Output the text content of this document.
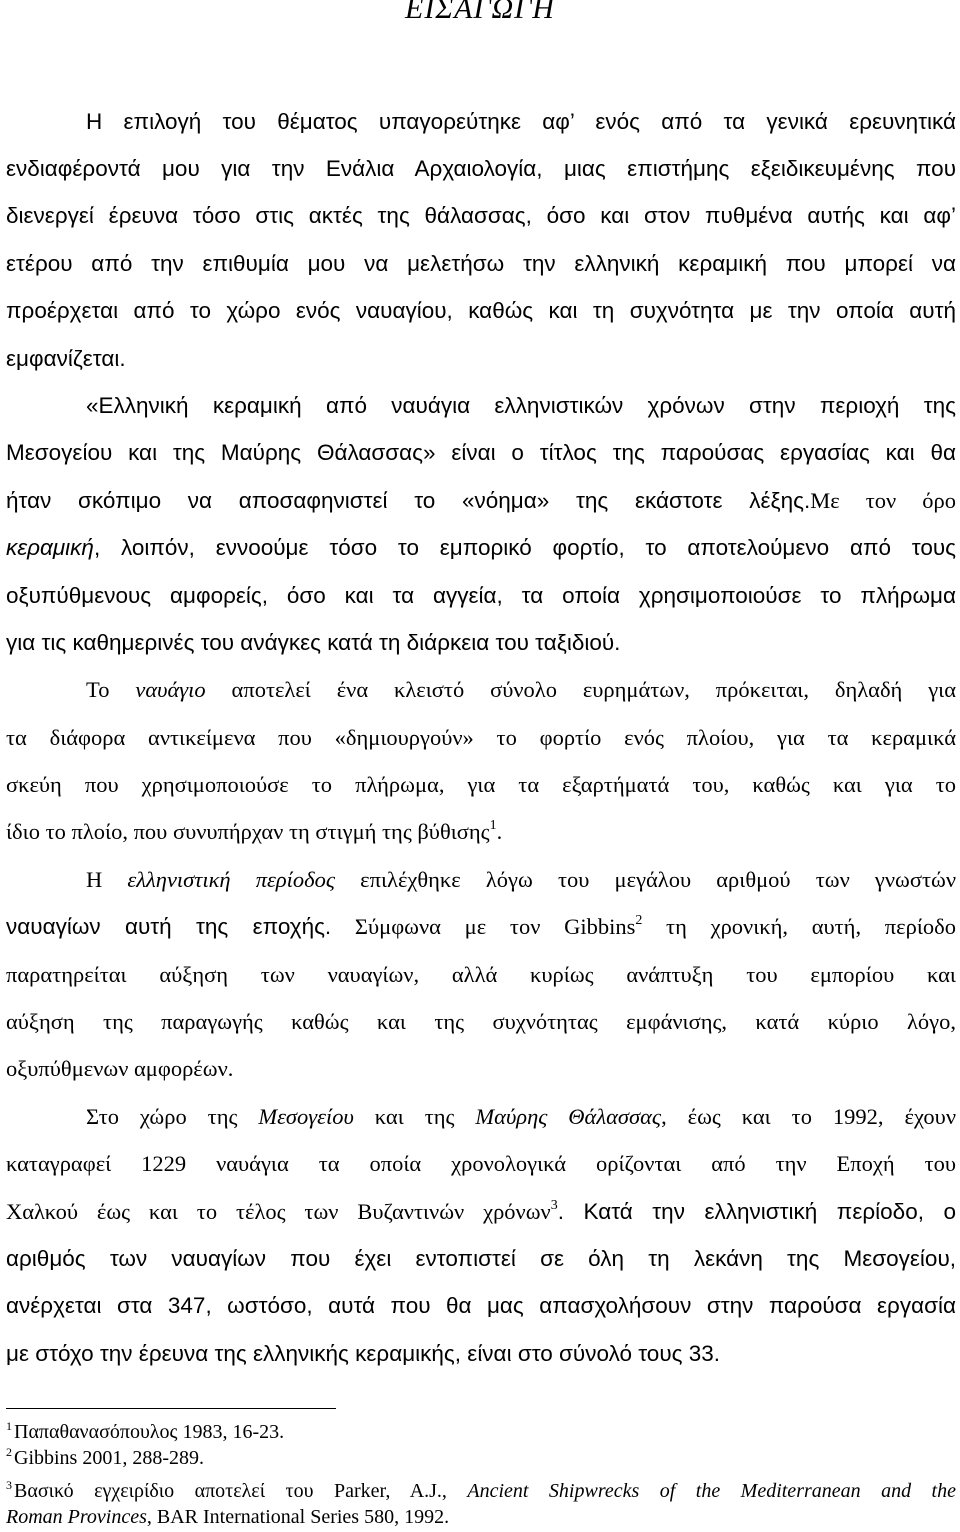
ΕΙΣΑΓΩΓΗ
Η επιλογή του θέματος υπαγορεύτηκε αφ’ ενός από τα γενικά ερευνητικά
ενδιαφέροντά μου για την Ενάλια Αρχαιολογία, μιας επιστήμης εξειδικευμένης που
διενεργεί έρευνα τόσο στις ακτές της θάλασσας, όσο και στον πυθμένα αυτής και αφ’
ετέρου από την επιθυμία μου να μελετήσω την ελληνική κεραμική που μπορεί να
προέρχεται από το χώρο ενός ναυαγίου, καθώς και τη συχνότητα με την οποία αυτή
εμφανίζεται.
«Ελληνική κεραμική από ναυάγια ελληνιστικών χρόνων στην περιοχή της
Μεσογείου και της Μαύρης Θάλασσας» είναι ο τίτλος της παρούσας εργασίας και θα
ήταν σκόπιμο να αποσαφηνιστεί το «νόημα» της εκάστοτε λέξης.Με τον όρο
κεραμική, λοιπόν, εννοούμε τόσο το εμπορικό φορτίο, το αποτελούμενο από τους
οξυπύθμενους αμφορείς, όσο και τα αγγεία, τα οποία χρησιμοποιούσε το πλήρωμα
για τις καθημερινές του ανάγκες κατά τη διάρκεια του ταξιδιού.
Το ναυάγιο αποτελεί ένα κλειστό σύνολο ευρημάτων, πρόκειται, δηλαδή για
τα διάφορα αντικείμενα που «δημιουργούν» το φορτίο ενός πλοίου, για τα κεραμικά
σκεύη που χρησιμοποιούσε το πλήρωμα, για τα εξαρτήματά του, καθώς και για το
ίδιο το πλοίο, που συνυπήρχαν τη στιγμή της βύθισης$^1$.
Η ελληνιστική περίοδος επιλέχθηκε λόγω του μεγάλου αριθμού των γνωστών
ναυαγίων αυτή της εποχής. Σύμφωνα με τον Gibbins$^2$ τη χρονική, αυτή, περίοδο
παρατηρείται αύξηση των ναυαγίων, αλλά κυρίως ανάπτυξη του εμπορίου και
αύξηση της παραγωγής καθώς και της συχνότητας εμφάνισης, κατά κύριο λόγο,
οξυπύθμενων αμφορέων.
Στο χώρο της Μεσογείου και της Μαύρης Θάλασσας, έως και το 1992, έχουν
καταγραφεί 1229 ναυάγια τα οποία χρονολογικά ορίζονται από την Εποχή του
Χαλκού έως και το τέλος των Βυζαντινών χρόνων$^3$. Κατά την ελληνιστική περίοδο, ο
αριθμός των ναυαγίων που έχει εντοπιστεί σε όλη τη λεκάνη της Μεσογείου,
ανέρχεται στα 347, ωστόσο, αυτά που θα μας απασχολήσουν στην παρούσα εργασία
με στόχο την έρευνα της ελληνικής κεραμικής, είναι στο σύνολό τους 33.
$^1$ Παπαθανασόπουλος 1983, 16-23.
$^2$ Gibbins 2001, 288-289.
$^3$ Βασικό εγχειρίδιο αποτελεί του Parker, A.J., Ancient Shipwrecks of the Mediterranean and the
Roman Provinces, BAR International Series 580, 1992.
